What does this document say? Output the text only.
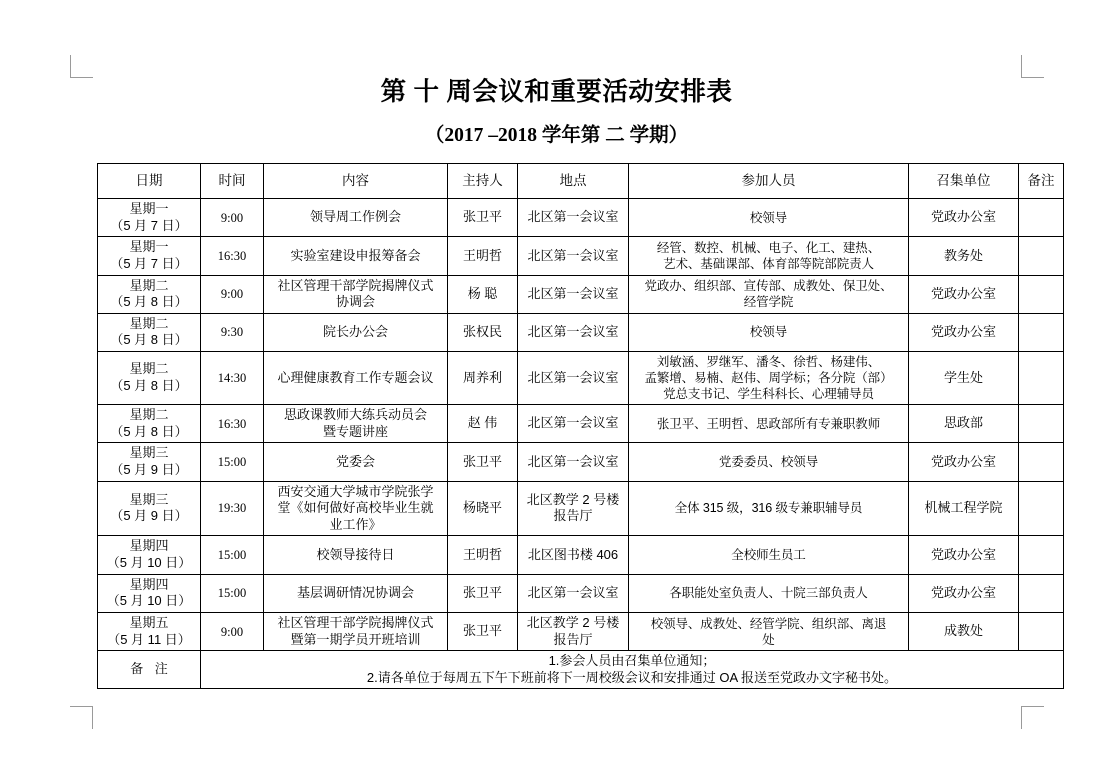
第 十 周会议和重要活动安排表
（2017 –2018 学年第 二 学期）
日期	时间	内容	主持人	地点	参加人员	召集单位	备注

星期一
（5 月 7 日）	9:00	领导周工作例会	张卫平	北区第一会议室	校领导	党政办公室	

星期一
（5 月 7 日）	16:30	实验室建设申报筹备会	王明哲	北区第一会议室	经管、数控、机械、电子、化工、建热、
艺术、基础课部、体育部等院部院责人	教务处	

星期二
（5 月 8 日）	9:00	社区管理干部学院揭牌仪式
协调会	杨 聪	北区第一会议室	党政办、组织部、宣传部、成教处、保卫处、
经管学院	党政办公室	

星期二
（5 月 8 日）	9:30	院长办公会	张权民	北区第一会议室	校领导	党政办公室	

星期二
（5 月 8 日）	14:30	心理健康教育工作专题会议	周养利	北区第一会议室	刘敏涵、罗继军、潘冬、徐哲、杨建伟、
孟繁增、易楠、赵伟、周学标；各分院（部）
党总支书记、学生科科长、心理辅导员	学生处	

星期二
（5 月 8 日）	16:30	思政课教师大练兵动员会
暨专题讲座	赵 伟	北区第一会议室	张卫平、王明哲、思政部所有专兼职教师	思政部	

星期三
（5 月 9 日）	15:00	党委会	张卫平	北区第一会议室	党委委员、校领导	党政办公室	

星期三
（5 月 9 日）	19:30	西安交通大学城市学院张学
堂《如何做好高校毕业生就
业工作》	杨晓平	北区教学 2 号楼
报告厅	全体 315 级，316 级专兼职辅导员	机械工程学院	

星期四
（5 月 10 日）	15:00	校领导接待日	王明哲	北区图书楼 406	全校师生员工	党政办公室	

星期四
（5 月 10 日）	15:00	基层调研情况协调会	张卫平	北区第一会议室	各职能处室负责人、十院三部负责人	党政办公室	

星期五
（5 月 11 日）	9:00	社区管理干部学院揭牌仪式
暨第一期学员开班培训	张卫平	北区教学 2 号楼
报告厅	校领导、成教处、经管学院、组织部、离退
处	成教处	
备 注	1.参会人员由召集单位通知；
2.请各单位于每周五下午下班前将下一周校级会议和安排通过 OA 报送至党政办文字秘书处。						
